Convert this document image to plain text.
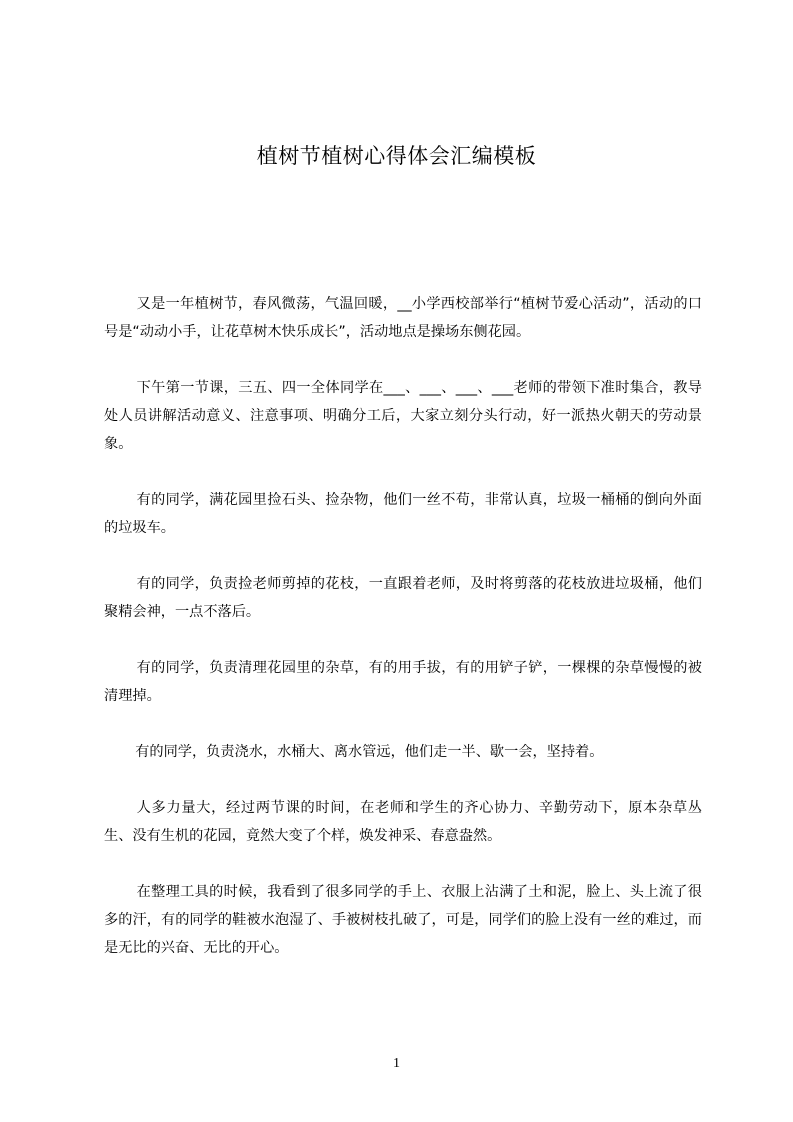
植树节植树心得体会汇编模板

又是一年植树节，春风微荡，气温回暖，__小学西校部举行“植树节爱心活动”，活动的口号是“动动小手，让花草树木快乐成长”，活动地点是操场东侧花园。

下午第一节课，三五、四一全体同学在___、___、___、___老师的带领下准时集合，教导处人员讲解活动意义、注意事项、明确分工后，大家立刻分头行动，好一派热火朝天的劳动景象。

有的同学，满花园里捡石头、捡杂物，他们一丝不苟，非常认真，垃圾一桶桶的倒向外面的垃圾车。

有的同学，负责捡老师剪掉的花枝，一直跟着老师，及时将剪落的花枝放进垃圾桶，他们聚精会神，一点不落后。

有的同学，负责清理花园里的杂草，有的用手拔，有的用铲子铲，一棵棵的杂草慢慢的被清理掉。

有的同学，负责浇水，水桶大、离水管远，他们走一半、歇一会，坚持着。

人多力量大，经过两节课的时间，在老师和学生的齐心协力、辛勤劳动下，原本杂草丛生、没有生机的花园，竟然大变了个样，焕发神采、春意盎然。

在整理工具的时候，我看到了很多同学的手上、衣服上沾满了土和泥，脸上、头上流了很多的汗，有的同学的鞋被水泡湿了、手被树枝扎破了，可是，同学们的脸上没有一丝的难过，而是无比的兴奋、无比的开心。

1
